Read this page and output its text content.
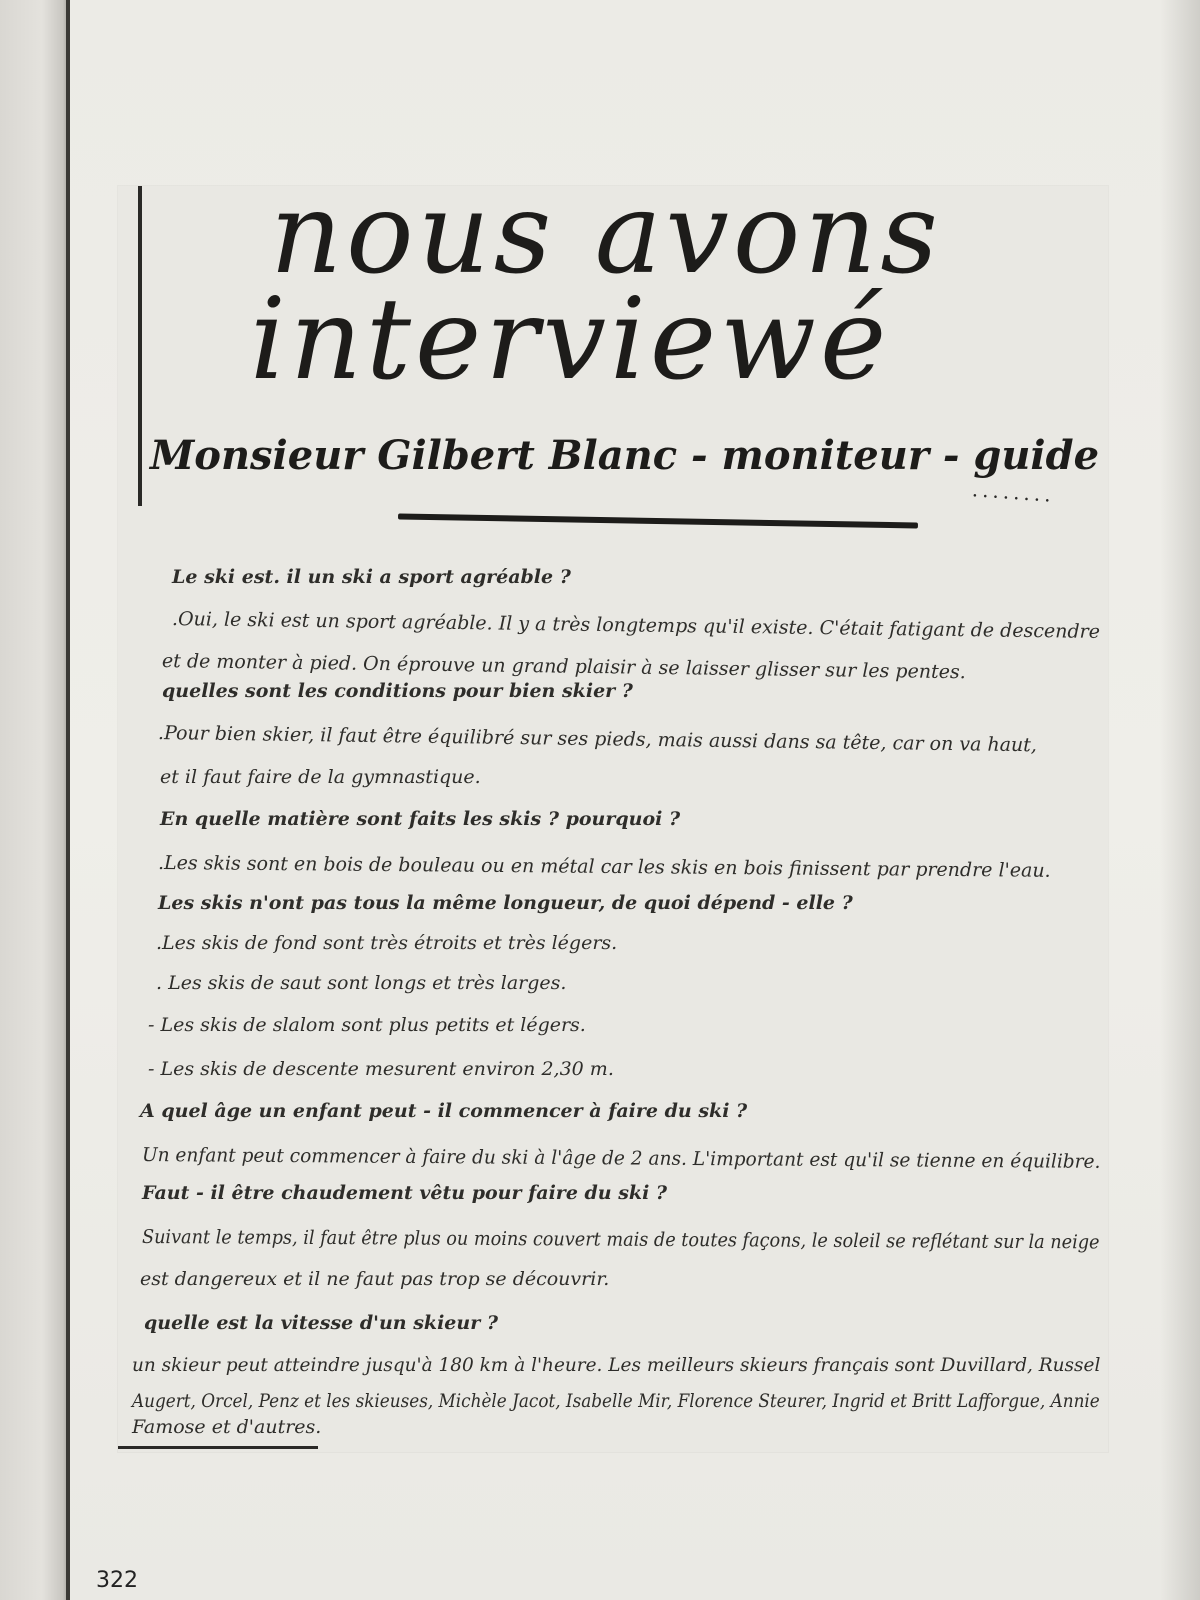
nous avons
interviewé
Monsieur Gilbert Blanc - moniteur - guide
........
Le ski est. il un ski a sport agréable ?
.Oui, le ski est un sport agréable. Il y a très longtemps qu'il existe. C'était fatigant de descendre
et de monter à pied. On éprouve un grand plaisir à se laisser glisser sur les pentes.
quelles sont les conditions pour bien skier ?
.Pour bien skier, il faut être équilibré sur ses pieds, mais aussi dans sa tête, car on va haut,
et il faut faire de la gymnastique.
En quelle matière sont faits les skis ? pourquoi ?
.Les skis sont en bois de bouleau ou en métal car les skis en bois finissent par prendre l'eau.
Les skis n'ont pas tous la même longueur, de quoi dépend - elle ?
.Les skis de fond sont très étroits et très légers.
. Les skis de saut sont longs et très larges.
- Les skis de slalom sont plus petits et légers.
- Les skis de descente mesurent environ 2,30 m.
A quel âge un enfant peut - il commencer à faire du ski ?
Un enfant peut commencer à faire du ski à l'âge de 2 ans. L'important est qu'il se tienne en équilibre.
Faut - il être chaudement vêtu pour faire du ski ?
Suivant le temps, il faut être plus ou moins couvert mais de toutes façons, le soleil se reflétant sur la neige
est dangereux et il ne faut pas trop se découvrir.
quelle est la vitesse d'un skieur ?
un skieur peut atteindre jusqu'à 180 km à l'heure. Les meilleurs skieurs français sont Duvillard, Russel
Augert, Orcel, Penz et les skieuses, Michèle Jacot, Isabelle Mir, Florence Steurer, Ingrid et Britt Lafforgue, Annie
Famose et d'autres.
322
